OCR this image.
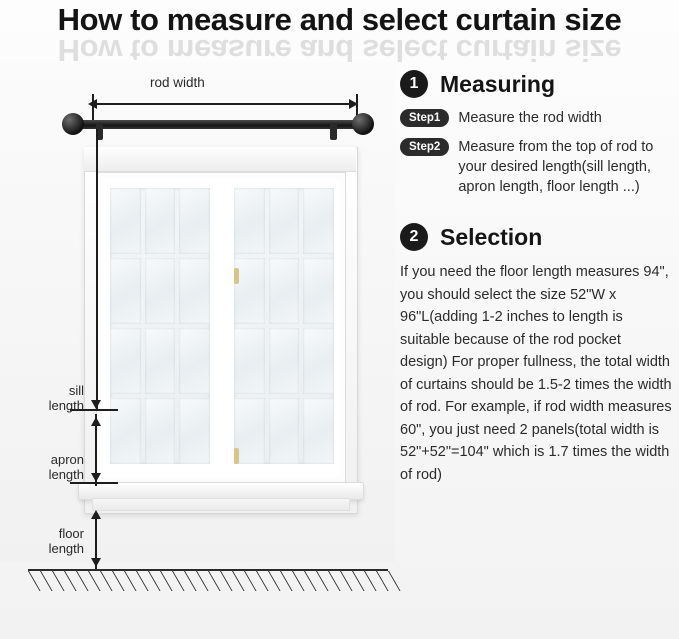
How to measure and select curtain size
How to measure and select curtain size
rod width
sill
length
apron
length
floor
length
1 Measuring
Step1	Measure the rod width
Step2	Measure from the top of rod to your desired length(sill length, apron length, floor length ...)
2 Selection
If you need the floor length measures 94", you should select the size 52"W x 96"L(adding 1-2 inches to length is suitable because of the rod pocket design) For proper fullness, the total width of curtains should be 1.5-2 times the width of rod. For example, if rod width measures 60", you just need 2 panels(total width is 52"+52"=104" which is 1.7 times the width of rod)
